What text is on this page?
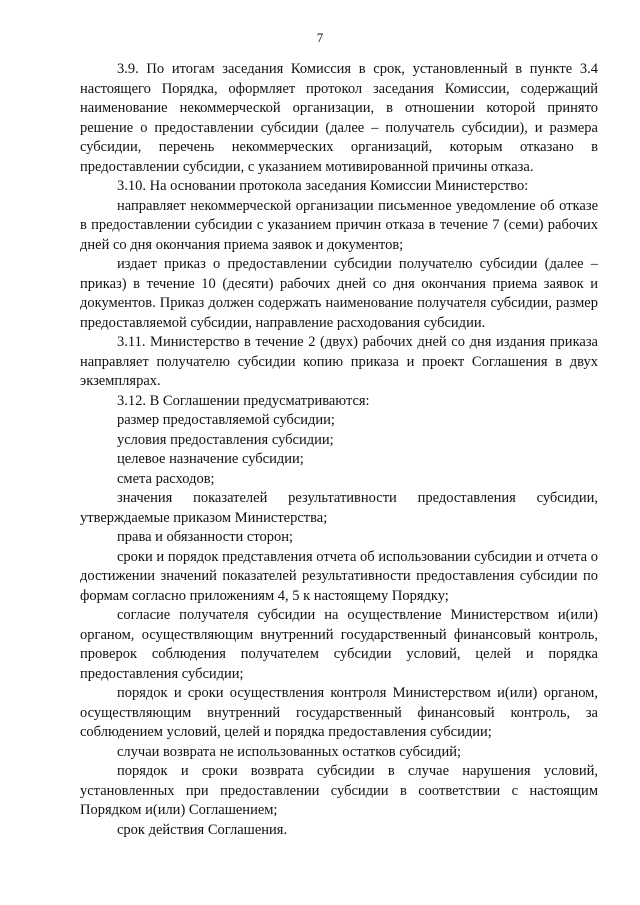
7

3.9. По итогам заседания Комиссия в срок, установленный в пункте 3.4 настоящего Порядка, оформляет протокол заседания Комиссии, содержащий наименование некоммерческой организации, в отношении которой принято решение о предоставлении субсидии (далее – получатель субсидии), и размера субсидии, перечень некоммерческих организаций, которым отказано в предоставлении субсидии, с указанием мотивированной причины отказа.

3.10. На основании протокола заседания Комиссии Министерство:

направляет некоммерческой организации письменное уведомление об отказе в предоставлении субсидии с указанием причин отказа в течение 7 (семи) рабочих дней со дня окончания приема заявок и документов;

издает приказ о предоставлении субсидии получателю субсидии (далее – приказ) в течение 10 (десяти) рабочих дней со дня окончания приема заявок и документов. Приказ должен содержать наименование получателя субсидии, размер предоставляемой субсидии, направление расходования субсидии.

3.11. Министерство в течение 2 (двух) рабочих дней со дня издания приказа направляет получателю субсидии копию приказа и проект Соглашения в двух экземплярах.

3.12. В Соглашении предусматриваются:

размер предоставляемой субсидии;

условия предоставления субсидии;

целевое назначение субсидии;

смета расходов;

значения показателей результативности предоставления субсидии, утверждаемые приказом Министерства;

права и обязанности сторон;

сроки и порядок представления отчета об использовании субсидии и отчета о достижении значений показателей результативности предоставления субсидии по формам согласно приложениям 4, 5 к настоящему Порядку;

согласие получателя субсидии на осуществление Министерством и(или) органом, осуществляющим внутренний государственный финансовый контроль, проверок соблюдения получателем субсидии условий, целей и порядка предоставления субсидии;

порядок и сроки осуществления контроля Министерством и(или) органом, осуществляющим внутренний государственный финансовый контроль, за соблюдением условий, целей и порядка предоставления субсидии;

случаи возврата не использованных остатков субсидий;

порядок и сроки возврата субсидии в случае нарушения условий, установленных при предоставлении субсидии в соответствии с настоящим Порядком и(или) Соглашением;

срок действия Соглашения.
